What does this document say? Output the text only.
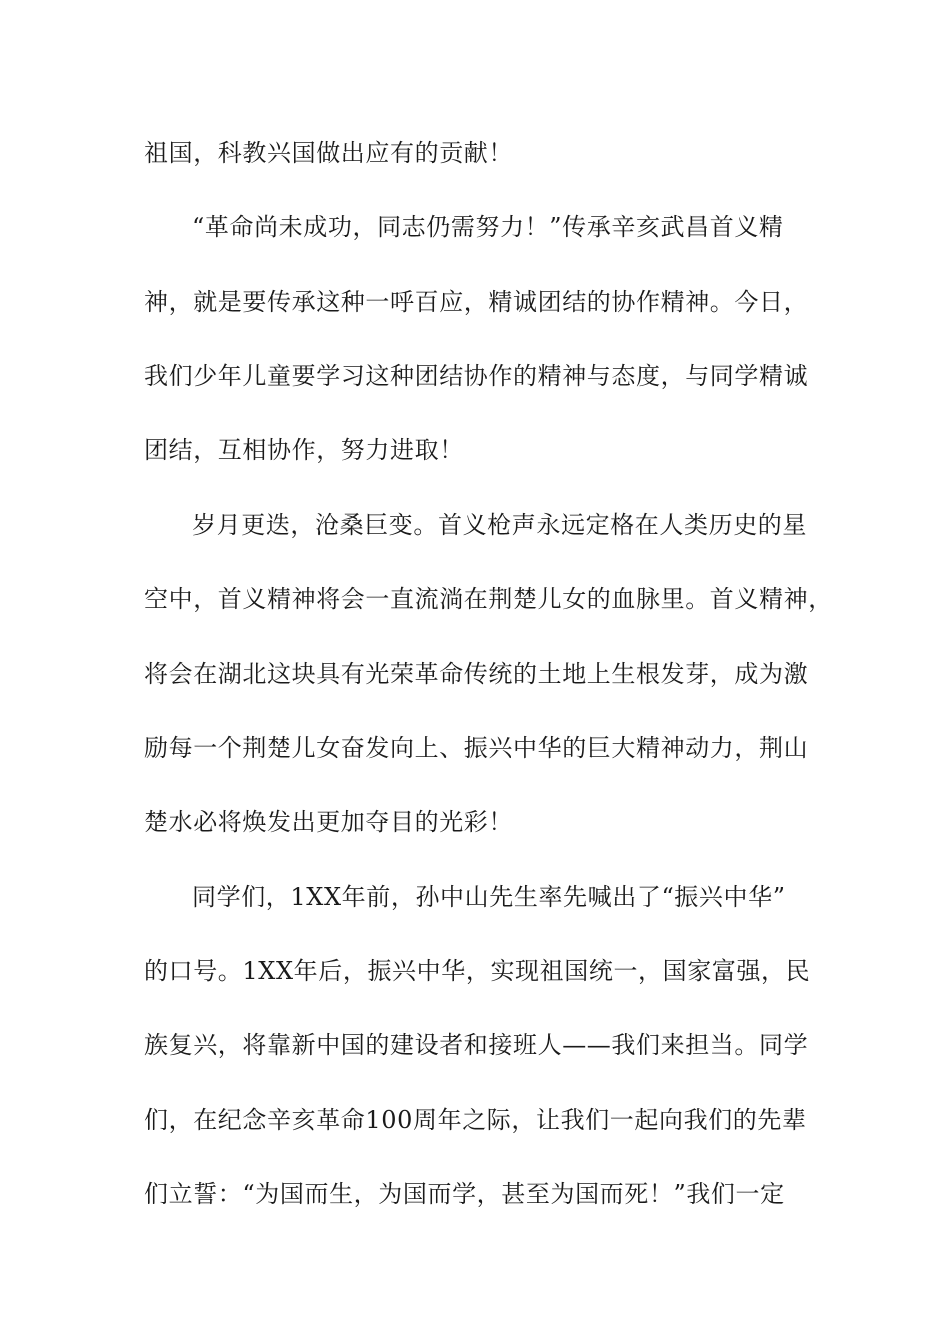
祖国，科教兴国做出应有的贡献！
“革命尚未成功，同志仍需努力！”传承辛亥武昌首义精
神，就是要传承这种一呼百应，精诚团结的协作精神。今日，
我们少年儿童要学习这种团结协作的精神与态度，与同学精诚
团结，互相协作，努力进取！
岁月更迭，沧桑巨变。首义枪声永远定格在人类历史的星
空中，首义精神将会一直流淌在荆楚儿女的血脉里。首义精神，
将会在湖北这块具有光荣革命传统的土地上生根发芽，成为激
励每一个荆楚儿女奋发向上、振兴中华的巨大精神动力，荆山
楚水必将焕发出更加夺目的光彩！
同学们，1XX年前，孙中山先生率先喊出了“振兴中华”
的口号。1XX年后，振兴中华，实现祖国统一，国家富强，民
族复兴，将靠新中国的建设者和接班人——我们来担当。同学
们，在纪念辛亥革命100周年之际，让我们一起向我们的先辈
们立誓：“为国而生，为国而学，甚至为国而死！”我们一定
